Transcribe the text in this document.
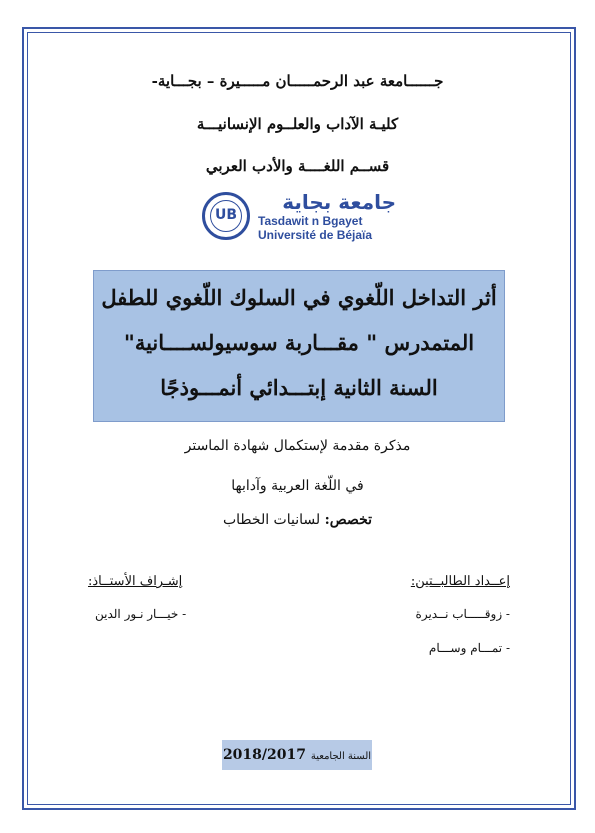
جــــــامعة عبد الرحمـــــان مـــــيرة – بجـــاية-
كليـة الآداب والعلــوم الإنسانيـــة
قســم اللغــــة والأدب العربي
UB
جامعة بجاية
Tasdawit n Bgayet
Université de Béjaïa
أثر التداخل اللّغوي في السلوك اللّغوي للطفل
المتمدرس " مقـــاربة سوسيولســــانية"
السنة الثانية إبتـــدائي أنمـــوذجًا
مذكرة مقدمة لإستكمال شهادة الماستر
في اللّغة العربية وآدابها
تخصص: لسانيات الخطاب
إعــداد الطالبــتين:
- زوقـــــاب نــديرة
- تمـــام وســـام
إشـراف الأستــاذ:
- خيـــار نـور الدين
السنة الجامعية 2018/2017
